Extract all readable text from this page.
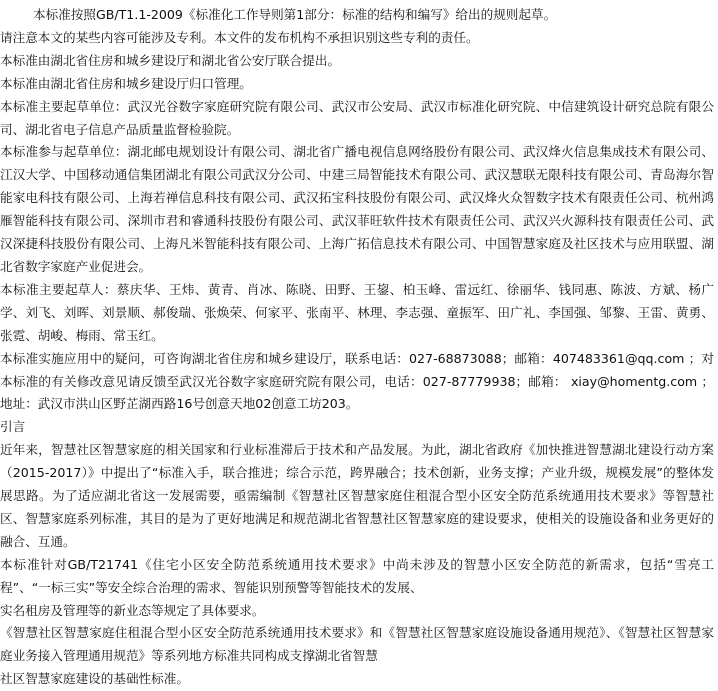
本标准按照GB/T1.1-2009《标准化工作导则第1部分：标准的结构和编写》给出的规则起草。

请注意本文的某些内容可能涉及专利。本文件的发布机构不承担识别这些专利的责任。

本标准由湖北省住房和城乡建设厅和湖北省公安厅联合提出。

本标准由湖北省住房和城乡建设厅归口管理。

本标准主要起草单位：武汉光谷数字家庭研究院有限公司、武汉市公安局、武汉市标准化研究院、中信建筑设计研究总院有限公司、湖北省电子信息产品质量监督检验院。

本标准参与起草单位：湖北邮电规划设计有限公司、湖北省广播电视信息网络股份有限公司、武汉烽火信息集成技术有限公司、江汉大学、中国移动通信集团湖北有限公司武汉分公司、中建三局智能技术有限公司、武汉慧联无限科技有限公司、青岛海尔智能家电科技有限公司、上海若禅信息科技有限公司、武汉拓宝科技股份有限公司、武汉烽火众智数字技术有限责任公司、杭州鸿雁智能科技有限公司、深圳市君和睿通科技股份有限公司、武汉菲旺软件技术有限责任公司、武汉兴火源科技有限责任公司、武汉深捷科技股份有限公司、上海凡米智能科技有限公司、上海广拓信息技术有限公司、中国智慧家庭及社区技术与应用联盟、湖北省数字家庭产业促进会。

本标准主要起草人：蔡庆华、王炜、黄青、肖冰、陈晓、田野、王鋆、柏玉峰、雷远红、徐丽华、钱同惠、陈波、方斌、杨广学、刘飞、刘晖、刘景顺、郝俊瑞、张焕荣、何家平、张南平、林理、李志强、童振军、田广礼、李国强、邹黎、王雷、黄勇、张霓、胡峻、梅雨、常玉红。

本标准实施应用中的疑问，可咨询湖北省住房和城乡建设厅，联系电话：027-68873088；邮箱：407483361@qq.com ；对本标准的有关修改意见请反馈至武汉光谷数字家庭研究院有限公司，电话：027-87779938；邮箱： xiay@homentg.com ；地址：武汉市洪山区野芷湖西路16号创意天地02创意工坊203。

引言

近年来，智慧社区智慧家庭的相关国家和行业标准滞后于技术和产品发展。为此，湖北省政府《加快推进智慧湖北建设行动方案（2015-2017）》中提出了“标准入手，联合推进；综合示范，跨界融合；技术创新，业务支撑；产业升级，规模发展”的整体发展思路。为了适应湖北省这一发展需要，亟需编制《智慧社区智慧家庭住租混合型小区安全防范系统通用技术要求》等智慧社区、智慧家庭系列标准，其目的是为了更好地满足和规范湖北省智慧社区智慧家庭的建设要求，使相关的设施设备和业务更好的融合、互通。

本标准针对GB/T21741《住宅小区安全防范系统通用技术要求》中尚未涉及的智慧小区安全防范的新需求，包括“雪亮工程”、“一标三实”等安全综合治理的需求、智能识别预警等智能技术的发展、

实名租房及管理等的新业态等规定了具体要求。

《智慧社区智慧家庭住租混合型小区安全防范系统通用技术要求》和《智慧社区智慧家庭设施设备通用规范》、《智慧社区智慧家庭业务接入管理通用规范》等系列地方标准共同构成支撑湖北省智慧

社区智慧家庭建设的基础性标准。
